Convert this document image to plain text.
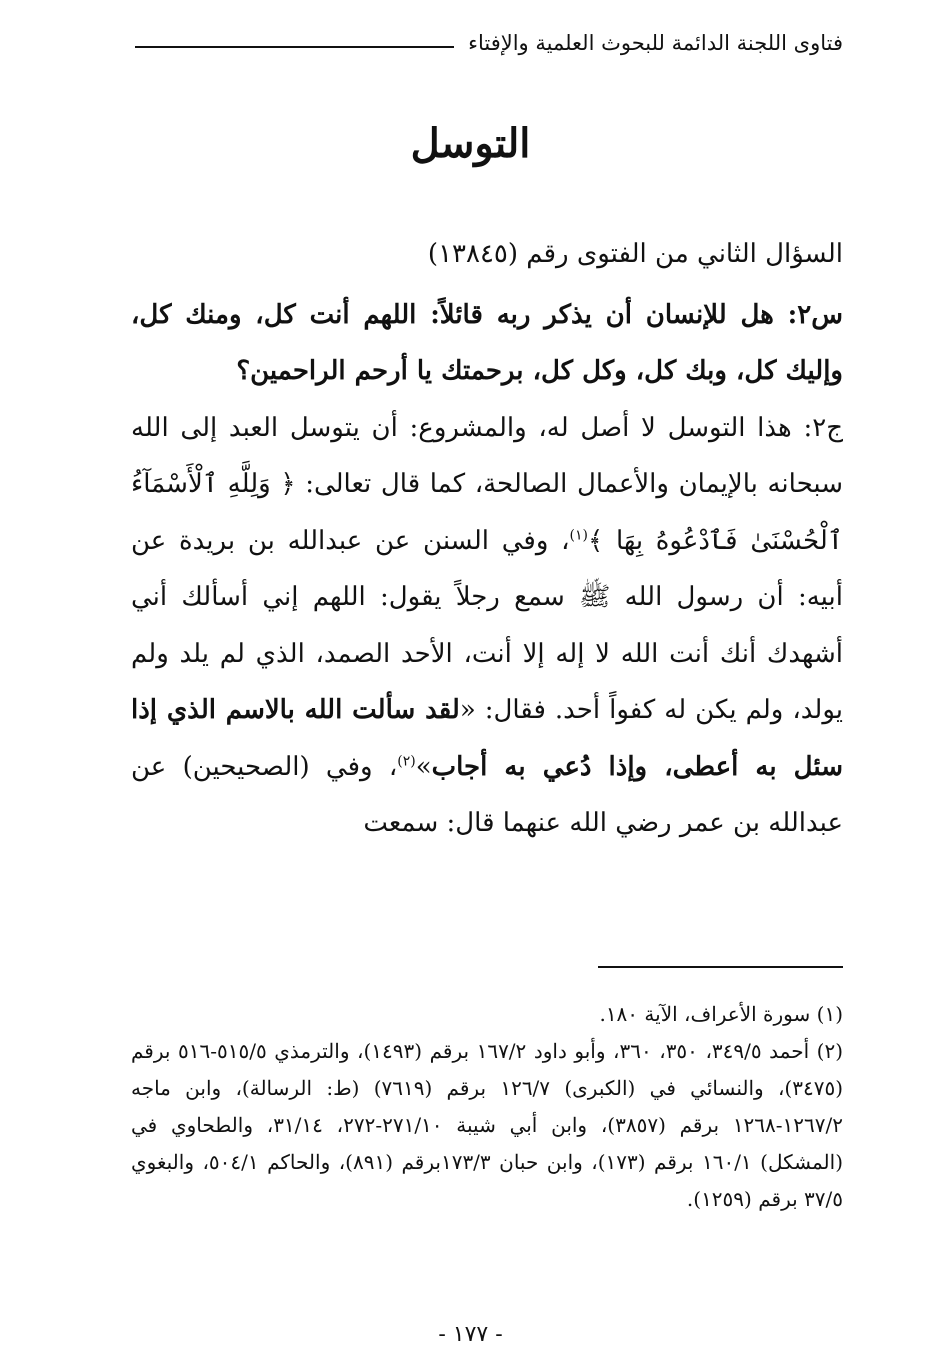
فتاوى اللجنة الدائمة للبحوث العلمية والإفتاء
التوسل

السؤال الثاني من الفتوى رقم (١٣٨٤٥)

س٢: هل للإنسان أن يذكر ربه قائلاً: اللهم أنت كل، ومنك كل، وإليك كل، وبك كل، وكل كل، برحمتك يا أرحم الراحمين؟

ج٢: هذا التوسل لا أصل له، والمشروع: أن يتوسل العبد إلى الله سبحانه بالإيمان والأعمال الصالحة، كما قال تعالى: ﴿ وَلِلَّهِ ٱلْأَسْمَآءُ ٱلْحُسْنَىٰ فَٱدْعُوهُ بِهَا ﴾$^{(١)}$، وفي السنن عن عبدالله بن بريدة عن أبيه: أن رسول الله ﷺ سمع رجلاً يقول: اللهم إني أسألك أني أشهدك أنك أنت الله لا إله إلا أنت، الأحد الصمد، الذي لم يلد ولم يولد، ولم يكن له كفواً أحد. فقال: «لقد سألت الله بالاسم الذي إذا سئل به أعطى، وإذا دُعي به أجاب»$^{(٢)}$، وفي (الصحيحين) عن عبدالله بن عمر رضي الله عنهما قال: سمعت

(١) سورة الأعراف، الآية ١٨٠.

(٢) أحمد ٣٤٩/٥، ٣٥٠، ٣٦٠، وأبو داود ١٦٧/٢ برقم (١٤٩٣)، والترمذي ٥١٥/٥-٥١٦ برقم (٣٤٧٥)، والنسائي في (الكبرى) ١٢٦/٧ برقم (٧٦١٩) (ط: الرسالة)، وابن ماجه ١٢٦٧/٢-١٢٦٨ برقم (٣٨٥٧)، وابن أبي شيبة ٢٧١/١٠-٢٧٢، ٣١/١٤، والطحاوي في (المشكل) ١٦٠/١ برقم (١٧٣)، وابن حبان ١٧٣/٣برقم (٨٩١)، والحاكم ٥٠٤/١، والبغوي ٣٧/٥ برقم (١٢٥٩).

- ١٧٧ -
